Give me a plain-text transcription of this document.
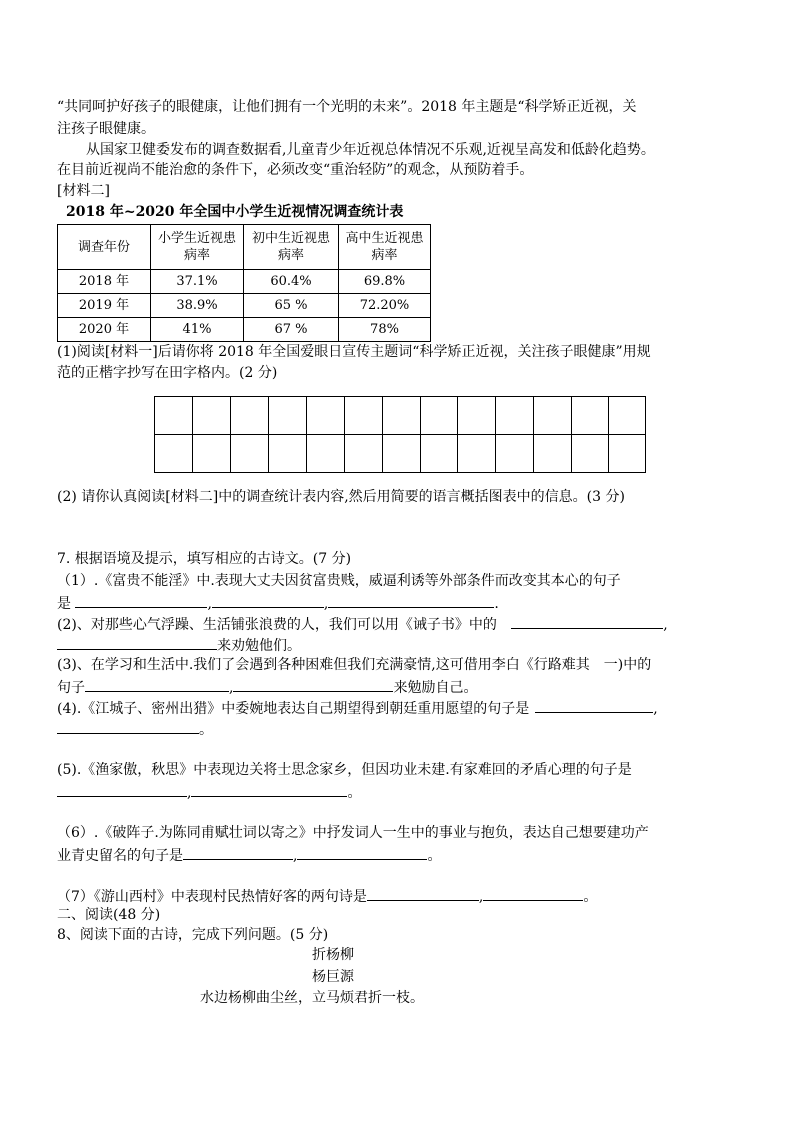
“共同呵护好孩子的眼健康，让他们拥有一个光明的未来”。2018 年主题是“科学矫正近视，关
注孩子眼健康。
从国家卫健委发布的调查数据看,儿童青少年近视总体情况不乐观,近视呈高发和低龄化趋势。
在目前近视尚不能治愈的条件下，必须改变“重治轻防”的观念，从预防着手。
[材料二]
2018 年~2020 年全国中小学生近视情况调查统计表
调查年份	小学生近视患病率	初中生近视患病率	高中生近视患病率
2018 年	37.1%	60.4%	69.8%
2019 年	38.9%	65 %	72.20%
2020 年	41%	67 %	78%
(1)阅读[材料一]后请你将 2018 年全国爱眼日宣传主题词“科学矫正近视，关注孩子眼健康”用规
范的正楷字抄写在田字格内。(2 分)
(2) 请你认真阅读[材料二]中的调查统计表内容,然后用简要的语言概括图表中的信息。(3 分)
7. 根据语境及提示，填写相应的古诗文。(7 分)
（1）.《富贵不能淫》中.表现大丈夫因贫富贵贱，威逼利诱等外部条件而改变其本心的句子
是	,	,	.
(2)、对那些心气浮躁、生活铺张浪费的人，我们可以用《诫子书》中的	,
来劝勉他们。
(3)、在学习和生活中.我们了会遇到各种困难但我们充满豪情,这可借用李白《行路难其　一)中的
句子	,	来勉励自己。
(4).《江城子、密州出猎》中委婉地表达自己期望得到朝廷重用愿望的句子是	,
。
(5).《渔家傲，秋思》中表现边关将士思念家乡，但因功业未建.有家难回的矛盾心理的句子是
,	。
（6）.《破阵子.为陈同甫赋壮词以寄之》中抒发词人一生中的事业与抱负，表达自己想要建功产
业青史留名的句子是	,	。
（7）《游山西村》中表现村民热情好客的两句诗是	,	。
二、阅读(48 分)
8、阅读下面的古诗，完成下列问题。(5 分)
折杨柳
杨巨源
水边杨柳曲尘丝，立马烦君折一枝。
